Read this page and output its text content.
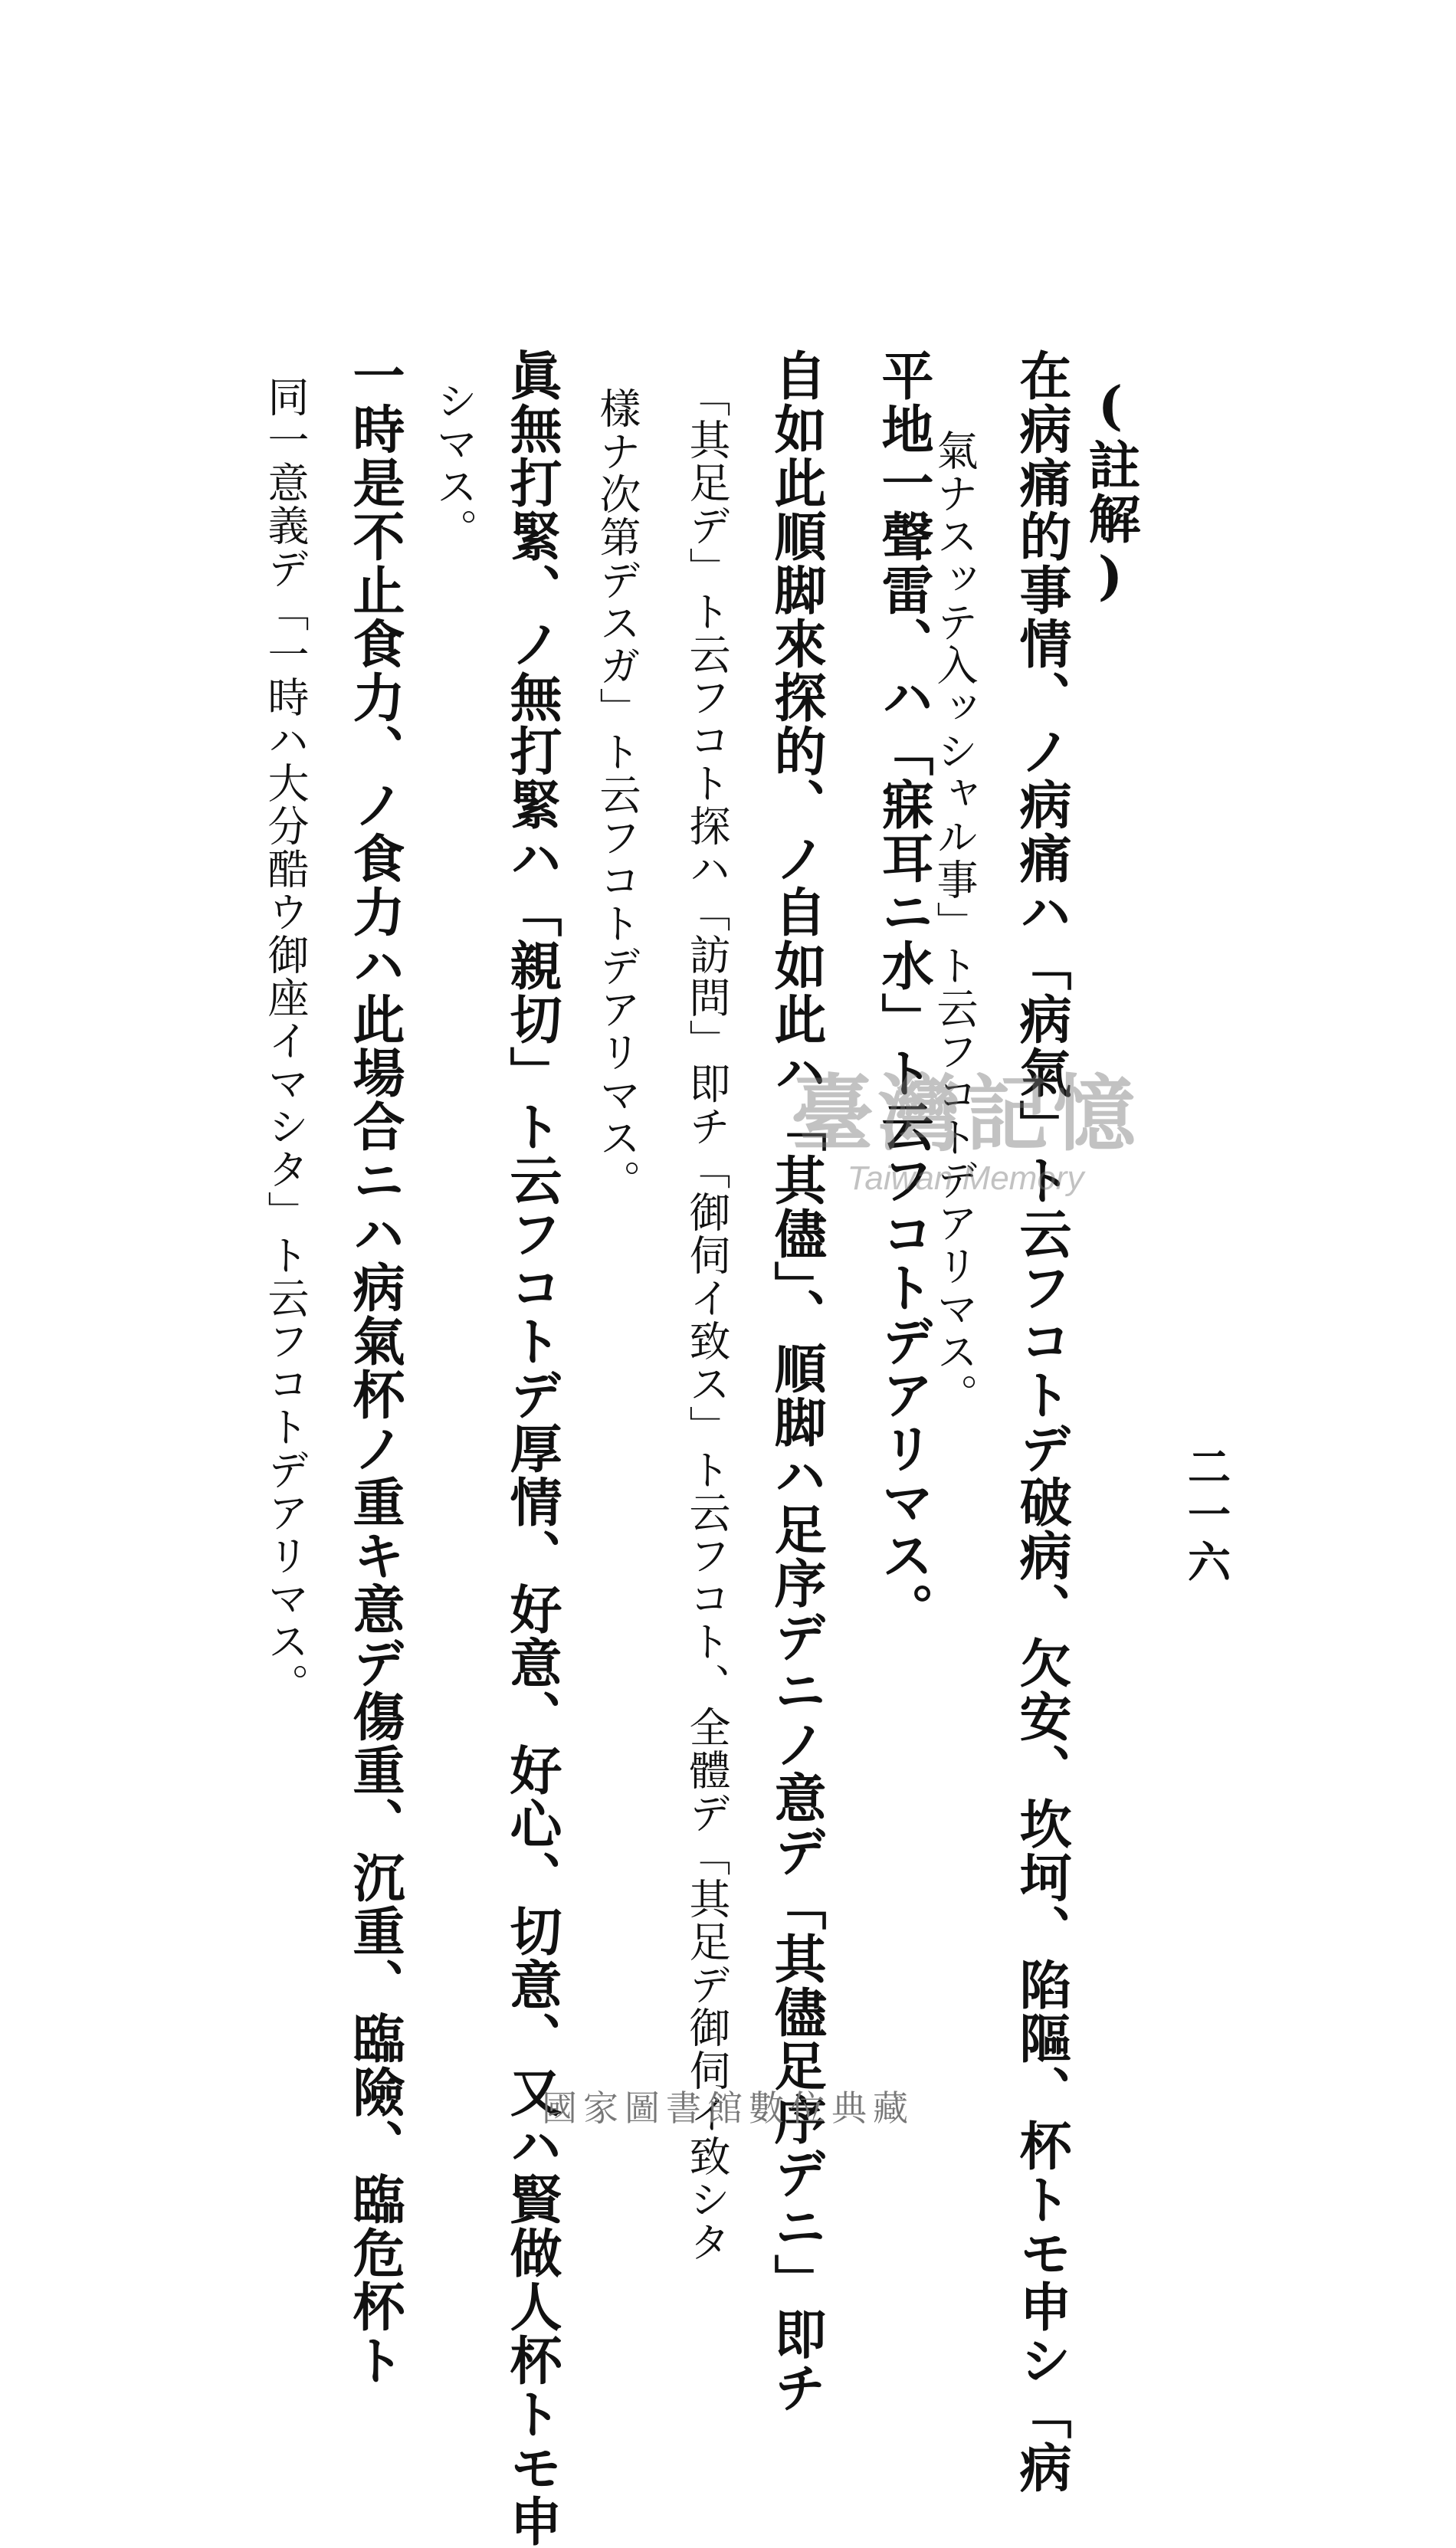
二一六
(註解)
在病痛的事情、ノ病痛ハ「病氣」ト云フコトデ破病、欠安、坎坷、陷䧢、杯トモ申シ「病
氣ナスッテ入ッシャル事」ト云フコトデアリマス。
平地一聲雷、ハ「寐耳ニ水」ト云フコトデアリマス。
自如此順脚來探的、ノ自如此ハ「其儘」、順脚ハ足序デニノ意デ「其儘足序デニ」即チ
「其足デ」ト云フコト探ハ「訪問」即チ「御伺イ致ス」ト云フコト、全體デ「其足デ御伺イ致シタ
樣ナ次第デスガ」ト云フコトデアリマス。
眞無打緊、ノ無打緊ハ「親切」ト云フコトデ厚情、好意、好心、切意、又ハ賢做人杯トモ申
シマス。
一時是不止食力、ノ食力ハ此場合ニハ病氣杯ノ重キ意デ傷重、沉重、臨險、臨危杯ト
同一意義デ「一時ハ大分酷ウ御座イマシタ」ト云フコトデアリマス。	臺灣記憶
Taiwan Memory
國家圖書館數位典藏
